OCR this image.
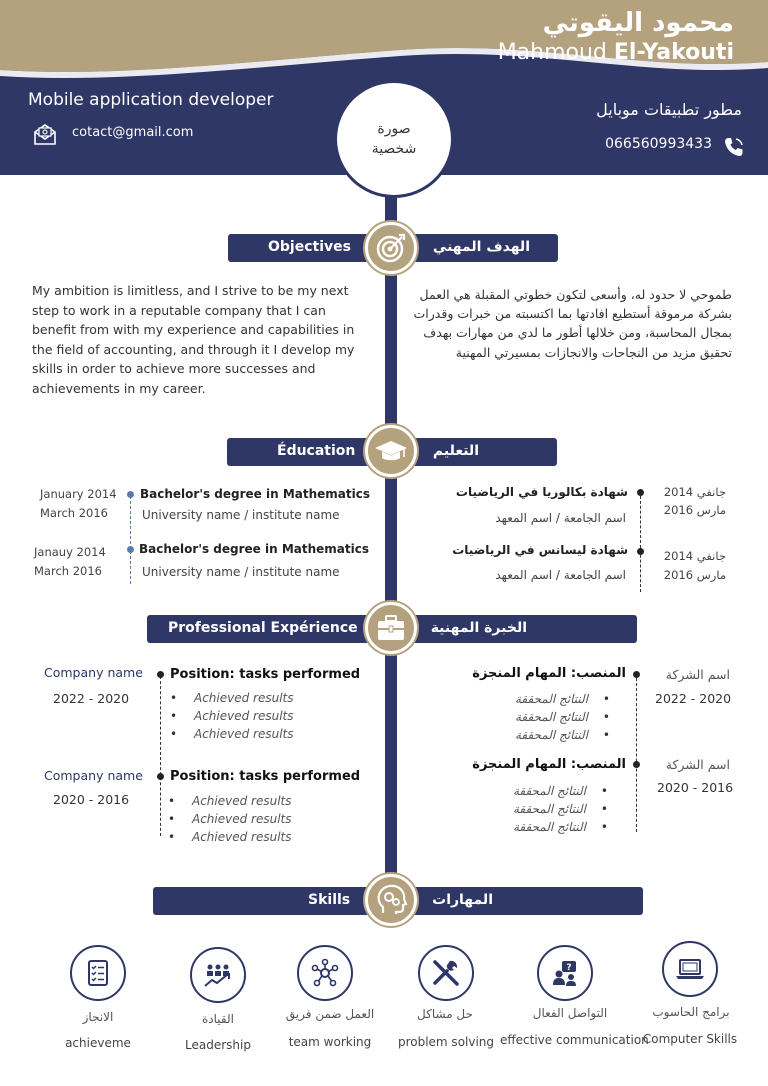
محمود اليقوتي
Mahmoud El-Yakouti
Mobile application developer	مطور تطبيقات موبايل
cotact@gmail.com
066560993433
صورة
شخصية
Objectives	الهدف المهني
My ambition is limitless, and I strive to be my next step to work in a reputable company that I can benefit from with my experience and capabilities in the field of accounting, and through it I develop my skills in order to achieve more successes and achievements in my career.
طموحي لا حدود له، وأسعى لتكون خطوتي المقبلة هي العمل بشركة مرموقة أستطيع افادتها بما اكتسبته من خبرات وقدرات بمجال المحاسبة، ومن خلالها أطور ما لدي من مهارات بهدف تحقيق مزيد من النجاحات والانجازات بمسيرتي المهنية
Éducation	التعليم
January 2014
March 2016
Bachelor's degree in Mathematics
University name / institute name
Janauy 2014
March 2016
Bachelor's degree in Mathematics
University name / institute name
شهادة بكالوريا في الرياضيات
اسم الجامعة / اسم المعهد
جانفي 2014
مارس 2016
شهادة ليسانس في الرياضيات
اسم الجامعة / اسم المعهد
جانفي 2014
مارس 2016
Professional Expérience	الخبرة المهنية
Company name
2022 - 2020
Position: tasks performed
• Achieved results
• Achieved results
• Achieved results
Company name
2020 - 2016
Position: tasks performed
• Achieved results
• Achieved results
• Achieved results
اسم الشركة
2022 - 2020
المنصب: المهام المنجزة
• النتائج المحققة
• النتائج المحققة
• النتائج المحققة
اسم الشركة
2020 - 2016
المنصب: المهام المنجزة
• النتائج المحققة
• النتائج المحققة
• النتائج المحققة
Skills	المهارات
?
الانجاز
achieveme
القيادة
Leadership
العمل ضمن فريق
team working
حل مشاكل
problem solving
التواصل الفعال
effective communication
برامج الحاسوب
Computer Skills
